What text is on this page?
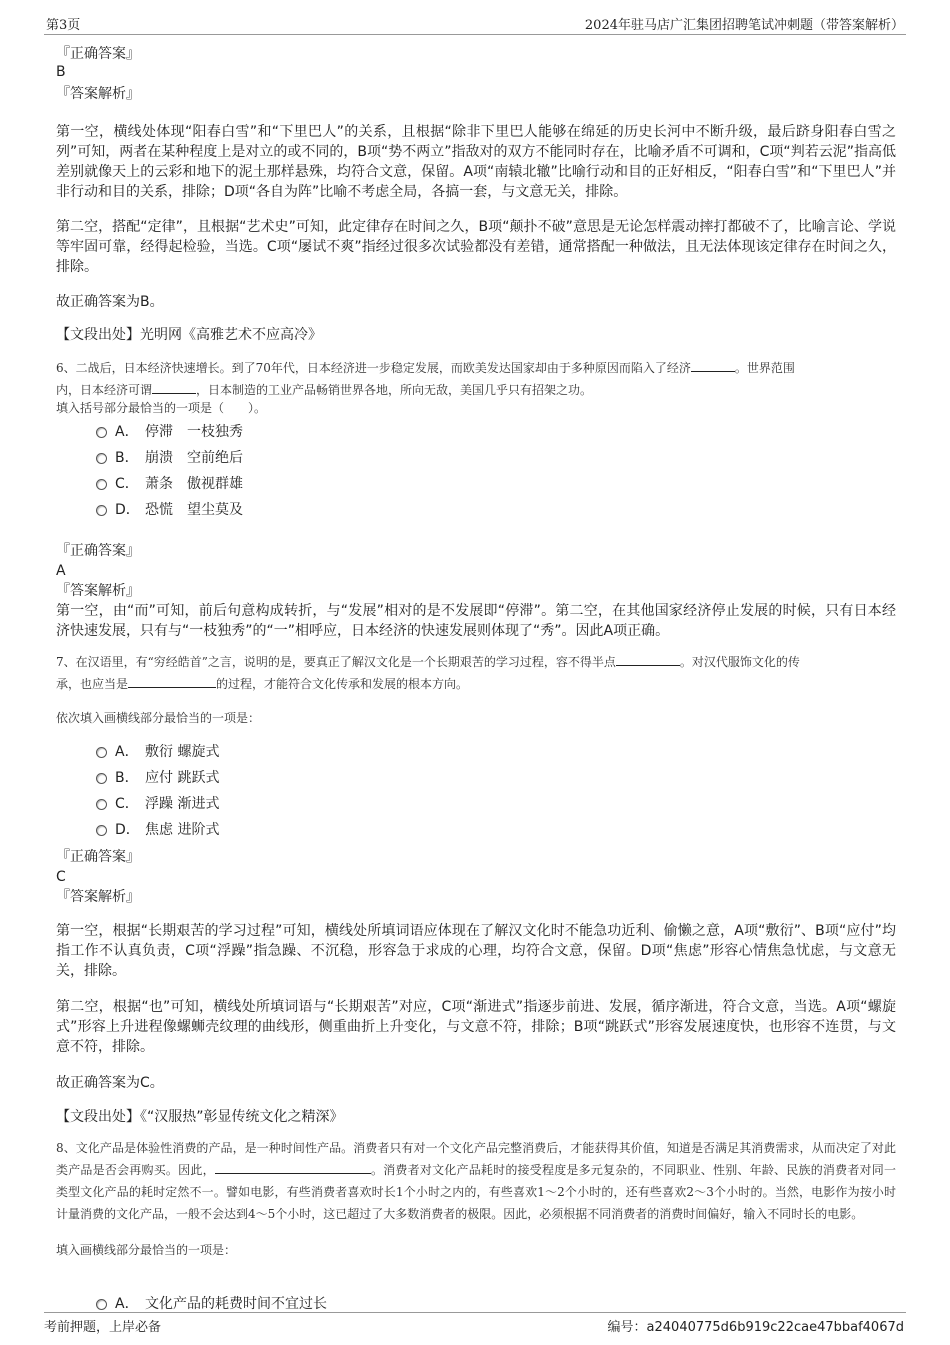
第3页	2024年驻马店广汇集团招聘笔试冲刺题（带答案解析）

『正确答案』

B

『答案解析』

第一空，横线处体现“阳春白雪”和“下里巴人”的关系，且根据“除非下里巴人能够在绵延的历史长河中不断升级，最后跻身阳春白雪之列”可知，两者在某种程度上是对立的或不同的，B项“势不两立”指敌对的双方不能同时存在，比喻矛盾不可调和，C项“判若云泥”指高低差别就像天上的云彩和地下的泥土那样悬殊，均符合文意，保留。A项“南辕北辙”比喻行动和目的正好相反，“阳春白雪”和“下里巴人”并非行动和目的关系，排除；D项“各自为阵”比喻不考虑全局，各搞一套，与文意无关，排除。

第二空，搭配“定律”，且根据“艺术史”可知，此定律存在时间之久，B项“颠扑不破”意思是无论怎样震动摔打都破不了，比喻言论、学说等牢固可靠，经得起检验，当选。C项“屡试不爽”指经过很多次试验都没有差错，通常搭配一种做法，且无法体现该定律存在时间之久，排除。

故正确答案为B。

【文段出处】光明网《高雅艺术不应高冷》

6、二战后，日本经济快速增长。到了70年代，日本经济进一步稳定发展，而欧美发达国家却由于多种原因而陷入了经济	。世界范围
内，日本经济可谓	，日本制造的工业产品畅销世界各地，所向无敌，美国几乎只有招架之功。

填入括号部分最恰当的一项是（　　）。

A． 停滞　一枝独秀
B． 崩溃　空前绝后
C． 萧条　傲视群雄
D． 恐慌　望尘莫及

『正确答案』

A

『答案解析』

第一空，由“而”可知，前后句意构成转折，与“发展”相对的是不发展即“停滞”。第二空，在其他国家经济停止发展的时候，只有日本经济快速发展，只有与“一枝独秀”的“一”相呼应，日本经济的快速发展则体现了“秀”。因此A项正确。

7、在汉语里，有“穷经皓首”之言，说明的是，要真正了解汉文化是一个长期艰苦的学习过程，容不得半点	。对汉代服饰文化的传
承，也应当是	的过程，才能符合文化传承和发展的根本方向。

依次填入画横线部分最恰当的一项是：

A． 敷衍 螺旋式
B． 应付 跳跃式
C． 浮躁 渐进式
D． 焦虑 进阶式

『正确答案』

C

『答案解析』

第一空，根据“长期艰苦的学习过程”可知，横线处所填词语应体现在了解汉文化时不能急功近利、偷懒之意，A项“敷衍”、B项“应付”均指工作不认真负责，C项“浮躁”指急躁、不沉稳，形容急于求成的心理，均符合文意，保留。D项“焦虑”形容心情焦急忧虑，与文意无关，排除。

第二空，根据“也”可知，横线处所填词语与“长期艰苦”对应，C项“渐进式”指逐步前进、发展，循序渐进，符合文意，当选。A项“螺旋式”形容上升进程像螺蛳壳纹理的曲线形，侧重曲折上升变化，与文意不符，排除；B项“跳跃式”形容发展速度快，也形容不连贯，与文意不符，排除。

故正确答案为C。

【文段出处】《“汉服热”彰显传统文化之精深》

8、文化产品是体验性消费的产品，是一种时间性产品。消费者只有对一个文化产品完整消费后，才能获得其价值，知道是否满足其消费需求，从而决定了对此类产品是否会再购买。因此，	。消费者对文化产品耗时的接受程度是多元复杂的，不同职业、性别、年龄、民族的消费者对同一类型文化产品的耗时定然不一。譬如电影，有些消费者喜欢时长1个小时之内的，有些喜欢1～2个小时的，还有些喜欢2～3个小时的。当然，电影作为按小时计量消费的文化产品，一般不会达到4～5个小时，这已超过了大多数消费者的极限。因此，必须根据不同消费者的消费时间偏好，输入不同时长的电影。

填入画横线部分最恰当的一项是：

A． 文化产品的耗费时间不宜过长
考前押题，上岸必备	编号：a24040775d6b919c22cae47bbaf4067d
